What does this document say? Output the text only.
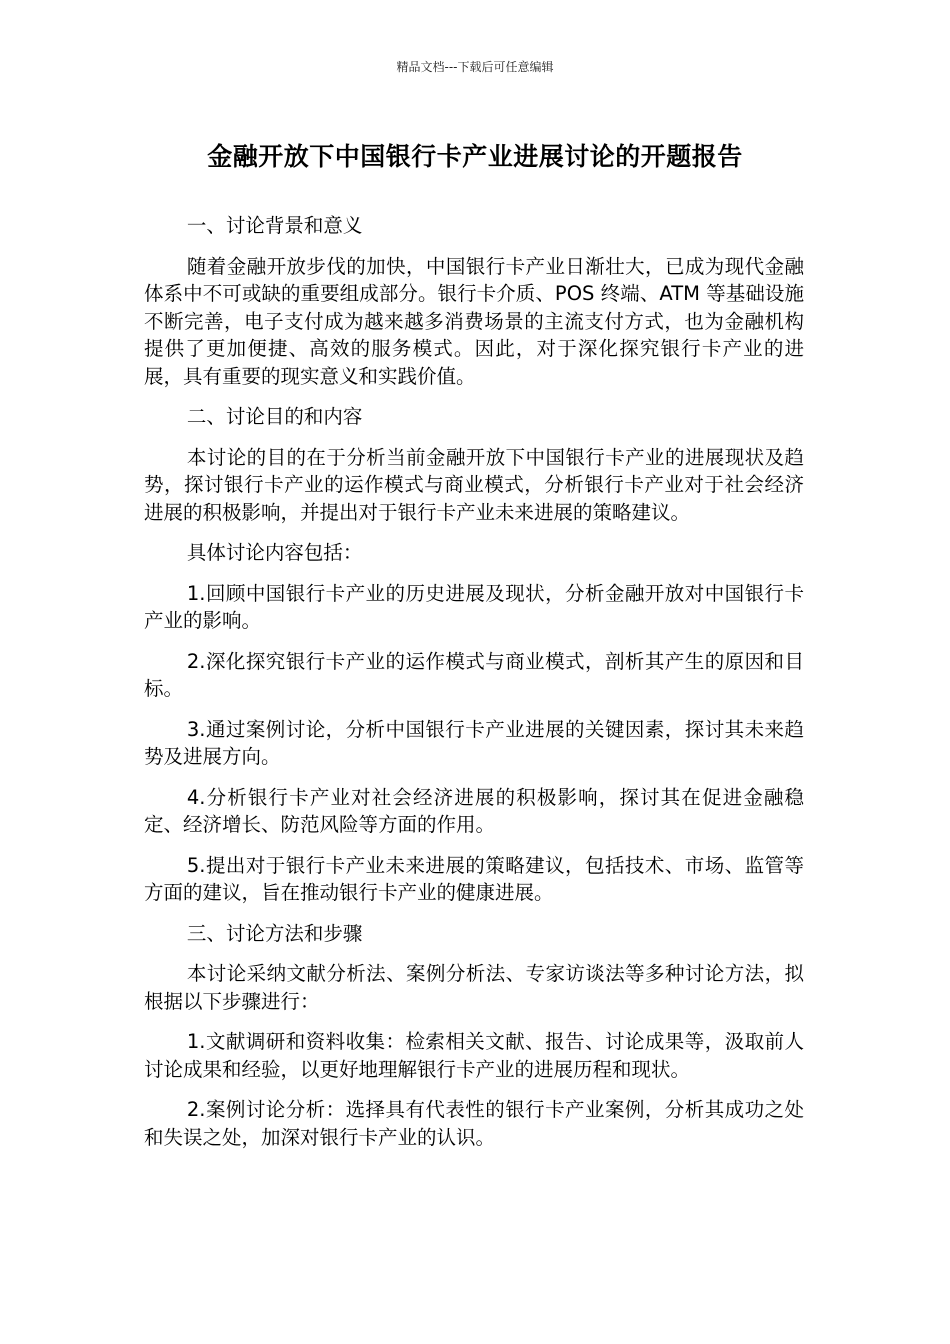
精品文档---下载后可任意编辑
金融开放下中国银行卡产业进展讨论的开题报告

一、讨论背景和意义

随着金融开放步伐的加快，中国银行卡产业日渐壮大，已成为现代金融体系中不可或缺的重要组成部分。银行卡介质、POS 终端、ATM 等基础设施不断完善，电子支付成为越来越多消费场景的主流支付方式，也为金融机构提供了更加便捷、高效的服务模式。因此，对于深化探究银行卡产业的进展，具有重要的现实意义和实践价值。

二、讨论目的和内容

本讨论的目的在于分析当前金融开放下中国银行卡产业的进展现状及趋势，探讨银行卡产业的运作模式与商业模式，分析银行卡产业对于社会经济进展的积极影响，并提出对于银行卡产业未来进展的策略建议。

具体讨论内容包括：

1.回顾中国银行卡产业的历史进展及现状，分析金融开放对中国银行卡产业的影响。

2.深化探究银行卡产业的运作模式与商业模式，剖析其产生的原因和目标。

3.通过案例讨论，分析中国银行卡产业进展的关键因素，探讨其未来趋势及进展方向。

4.分析银行卡产业对社会经济进展的积极影响，探讨其在促进金融稳定、经济增长、防范风险等方面的作用。

5.提出对于银行卡产业未来进展的策略建议，包括技术、市场、监管等方面的建议，旨在推动银行卡产业的健康进展。

三、讨论方法和步骤

本讨论采纳文献分析法、案例分析法、专家访谈法等多种讨论方法，拟根据以下步骤进行：

1.文献调研和资料收集：检索相关文献、报告、讨论成果等，汲取前人讨论成果和经验，以更好地理解银行卡产业的进展历程和现状。

2.案例讨论分析：选择具有代表性的银行卡产业案例，分析其成功之处和失误之处，加深对银行卡产业的认识。
